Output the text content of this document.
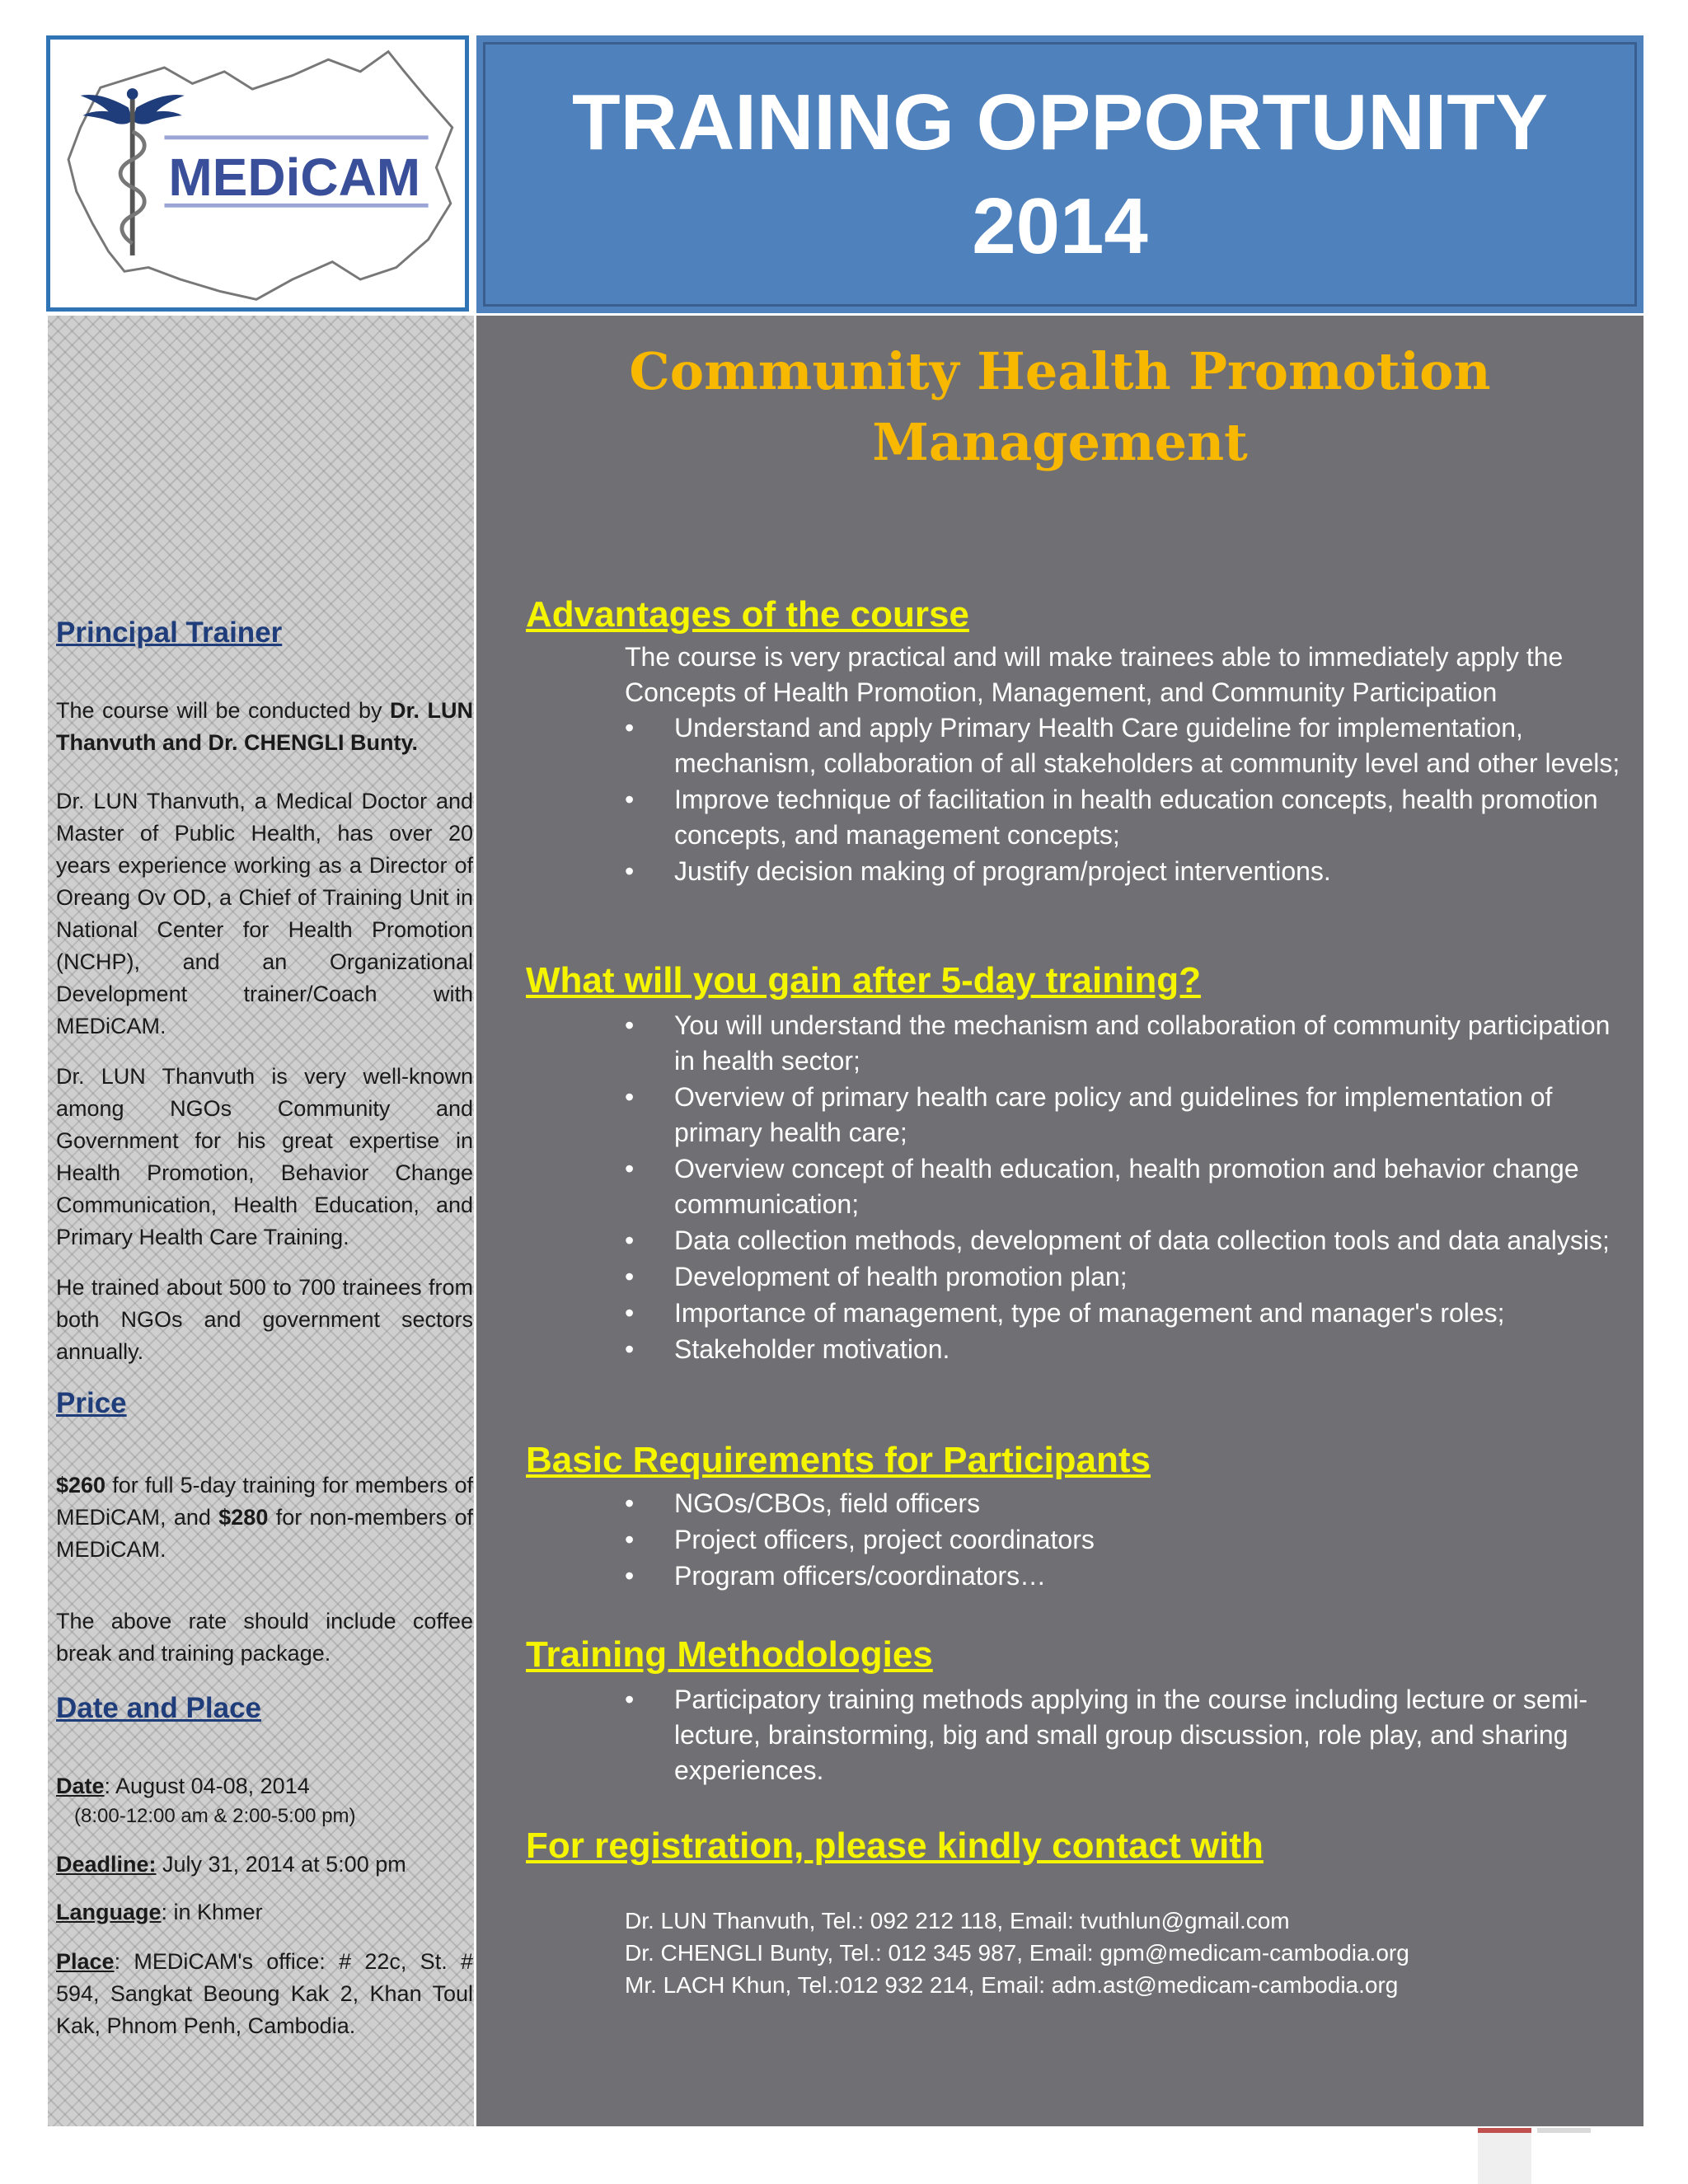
MEDiCAM
TRAINING OPPORTUNITY
2014
Principal Trainer

The course will be conducted by Dr. LUN Thanvuth and Dr. CHENGLI Bunty.

Dr. LUN Thanvuth, a Medical Doctor and Master of Public Health, has over 20 years experience working as a Director of Oreang Ov OD, a Chief of Training Unit in National Center for Health Promotion (NCHP), and an Organizational Development trainer/Coach with MEDiCAM.

Dr. LUN Thanvuth is very well-known among NGOs Community and Government for his great expertise in Health Promotion, Behavior Change Communication, Health Education, and Primary Health Care Training.

He trained about 500 to 700 trainees from both NGOs and government sectors annually.

Price

$260 for full 5-day training for members of MEDiCAM, and $280 for non-members of MEDiCAM.

The above rate should include coffee break and training package.

Date and Place
Date: August 04-08, 2014
(8:00-12:00 am & 2:00-5:00 pm)
Deadline: July 31, 2014 at 5:00 pm
Language: in Khmer

Place: MEDiCAM's office: # 22c, St. # 594, Sangkat Beoung Kak 2, Khan Toul Kak, Phnom Penh, Cambodia.

Community Health Promotion
Management
Advantages of the course

The course is very practical and will make trainees able to immediately apply the Concepts of Health Promotion, Management, and Community Participation

• Understand and apply Primary Health Care guideline for implementation, mechanism, collaboration of all stakeholders at community level and other levels;
• Improve technique of facilitation in health education concepts, health promotion concepts, and management concepts;
• Justify decision making of program/project interventions.
What will you gain after 5-day training?
• You will understand the mechanism and collaboration of community participation in health sector;
• Overview of primary health care policy and guidelines for implementation of primary health care;
• Overview concept of health education, health promotion and behavior change communication;
• Data collection methods, development of data collection tools and data analysis;
• Development of health promotion plan;
• Importance of management, type of management and manager's roles;
• Stakeholder motivation.
Basic Requirements for Participants
• NGOs/CBOs, field officers
• Project officers, project coordinators
• Program officers/coordinators…
Training Methodologies
• Participatory training methods applying in the course including lecture or semi-lecture, brainstorming, big and small group discussion, role play, and sharing experiences.
For registration, please kindly contact with
Dr. LUN Thanvuth, Tel.: 092 212 118, Email: tvuthlun@gmail.com
Dr. CHENGLI Bunty, Tel.: 012 345 987, Email: gpm@medicam-cambodia.org
Mr. LACH Khun, Tel.:012 932 214, Email: adm.ast@medicam-cambodia.org
